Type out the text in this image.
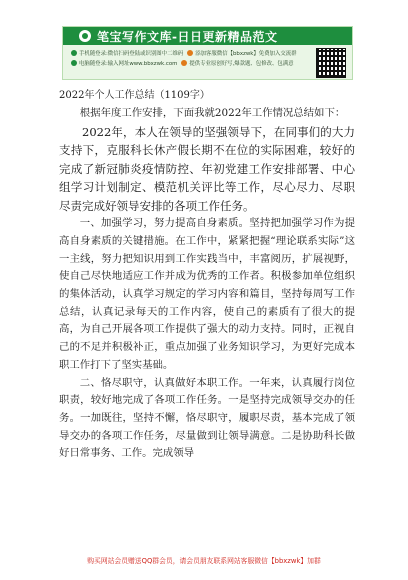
笔宝写作文库-日日更新精品范文
手机随登录:微信扫码登陆或识别图中二维码 添加客服微信【bbxzwk】免费加入交流群
电脑随登录:输入网址www.bbxzwk.com 提供专业原创好写,爆款题、包修改、包满意
2022年个人工作总结（1109字）

根据年度工作安排，下面我就2022年工作情况总结如下：

2022年，本人在领导的坚强领导下，在同事们的大力支持下，克服科长休产假长期不在位的实际困难，较好的完成了新冠肺炎疫情防控、年初党建工作安排部署、中心组学习计划制定、模范机关评比等工作，尽心尽力、尽职尽责完成好领导安排的各项工作任务。

一、加强学习，努力提高自身素质。坚持把加强学习作为提高自身素质的关键措施。在工作中，紧紧把握“理论联系实际”这一主线，努力把知识用到工作实践当中，丰富阅历，扩展视野，使自己尽快地适应工作并成为优秀的工作者。积极参加单位组织的集体活动，认真学习规定的学习内容和篇目，坚持每周写工作总结，认真记录每天的工作内容，使自己的素质有了很大的提高，为自己开展各项工作提供了强大的动力支持。同时，正视自己的不足并积极补正，重点加强了业务知识学习，为更好完成本职工作打下了坚实基础。

二、恪尽职守，认真做好本职工作。一年来，认真履行岗位职责，较好地完成了各项工作任务。一是坚持完成领导交办的任务。一加既往，坚持不懈，恪尽职守，履职尽责，基本完成了领导交办的各项工作任务，尽量做到让领导满意。二是协助科长做好日常事务、工作。完成领导

购买网站会员赠送QQ群会员，请会员朋友联系网站客服微信【bbxzwk】加群
